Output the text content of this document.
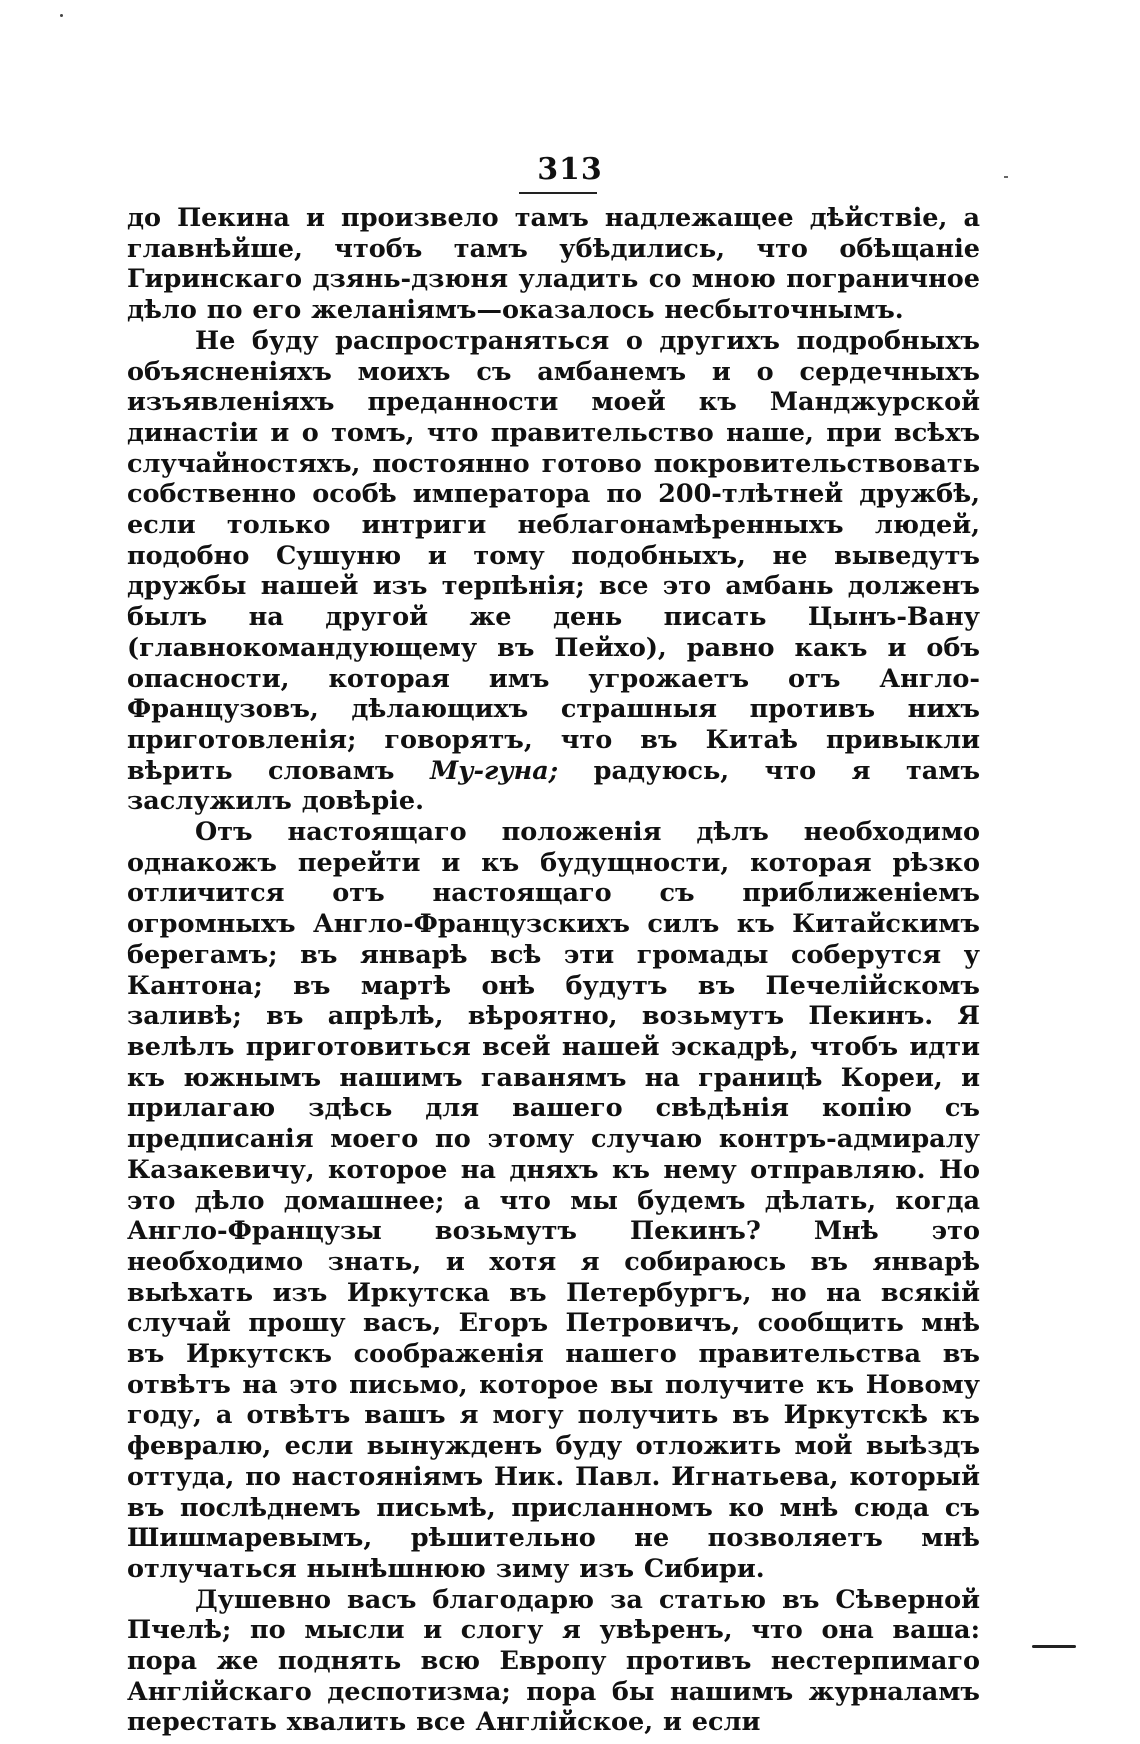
313

до Пекина и произвело тамъ надлежащее дѣйствіе, а главнѣйше, чтобъ тамъ убѣдились, что обѣщаніе Гиринскаго дзянь-дзюня уладить со мною пограничное дѣло по его желаніямъ—оказалось несбыточнымъ.

Не буду распространяться о другихъ подробныхъ объясненіяхъ моихъ съ амбанемъ и о сердечныхъ изъявленіяхъ преданности моей къ Манджурской династіи и о томъ, что правительство наше, при всѣхъ случайностяхъ, постоянно готово покровительствовать собственно особѣ императора по 200-тлѣтней дружбѣ, если только интриги неблагонамѣренныхъ людей, подобно Сушуню и тому подобныхъ, не выведутъ дружбы нашей изъ терпѣнія; все это амбань долженъ былъ на другой же день писать Цынъ-Вану (главнокомандующему въ Пейхо), равно какъ и объ опасности, которая имъ угрожаетъ отъ Англо-Французовъ, дѣлающихъ страшныя противъ нихъ приготовленія; говорятъ, что въ Китаѣ привыкли вѣрить словамъ Му-гуна; радуюсь, что я тамъ заслужилъ довѣріе.

Отъ настоящаго положенія дѣлъ необходимо однакожъ перейти и къ будущности, которая рѣзко отличится отъ настоящаго съ приближеніемъ огромныхъ Англо-Французскихъ силъ къ Китайскимъ берегамъ; въ январѣ всѣ эти громады соберутся у Кантона; въ мартѣ онѣ будутъ въ Печелійскомъ заливѣ; въ апрѣлѣ, вѣроятно, возьмутъ Пекинъ. Я велѣлъ приготовиться всей нашей эскадрѣ, чтобъ идти къ южнымъ нашимъ гаванямъ на границѣ Кореи, и прилагаю здѣсь для вашего свѣдѣнія копію съ предписанія моего по этому случаю контръ-адмиралу Казакевичу, которое на дняхъ къ нему отправляю. Но это дѣло домашнее; а что мы будемъ дѣлать, когда Англо-Французы возьмутъ Пекинъ? Мнѣ это необходимо знать, и хотя я собираюсь въ январѣ выѣхать изъ Иркутска въ Петербургъ, но на всякій случай прошу васъ, Егоръ Петровичъ, сообщить мнѣ въ Иркутскъ соображенія нашего правительства въ отвѣтъ на это письмо, которое вы получите къ Новому году, а отвѣтъ вашъ я могу получить въ Иркутскѣ къ февралю, если вынужденъ буду отложить мой выѣздъ оттуда, по настояніямъ Ник. Павл. Игнатьева, который въ послѣднемъ письмѣ, присланномъ ко мнѣ сюда съ Шишмаревымъ, рѣшительно не позволяетъ мнѣ отлучаться нынѣшнюю зиму изъ Сибири.

Душевно васъ благодарю за статью въ Сѣверной Пчелѣ; по мысли и слогу я увѣренъ, что она ваша: пора же поднять всю Европу противъ нестерпимаго Англійскаго деспотизма; пора бы нашимъ журналамъ перестать хвалить все Англійское, и если
